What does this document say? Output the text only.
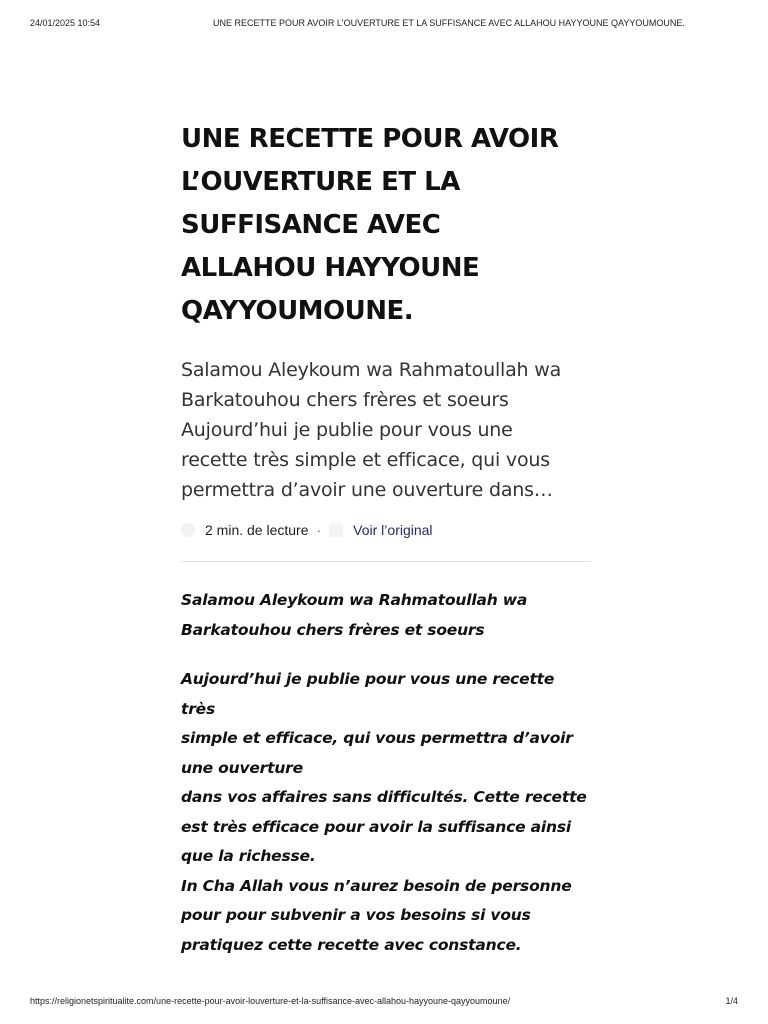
24/01/2025 10:54	UNE RECETTE POUR AVOIR L'OUVERTURE ET LA SUFFISANCE AVEC ALLAHOU HAYYOUNE QAYYOUMOUNE.
UNE RECETTE POUR AVOIR
L’OUVERTURE ET LA
SUFFISANCE AVEC
ALLAHOU HAYYOUNE
QAYYOUMOUNE.
Salamou Aleykoum wa Rahmatoullah wa
Barkatouhou chers frères et soeurs
Aujourd’hui je publie pour vous une
recette très simple et efficace, qui vous
permettra d’avoir une ouverture dans…
2 min. de lecture · Voir l’original

Salamou Aleykoum wa Rahmatoullah wa
Barkatouhou chers frères et soeurs

Aujourd’hui je publie pour vous une recette très
simple et efficace, qui vous permettra d’avoir
une ouverture
dans vos affaires sans difficultés. Cette recette
est très efficace pour avoir la suffisance ainsi
que la richesse.
In Cha Allah vous n’aurez besoin de personne
pour pour subvenir a vos besoins si vous
pratiquez cette recette avec constance.

https://religionetspiritualite.com/une-recette-pour-avoir-louverture-et-la-suffisance-avec-allahou-hayyoune-qayyoumoune/	1/4
